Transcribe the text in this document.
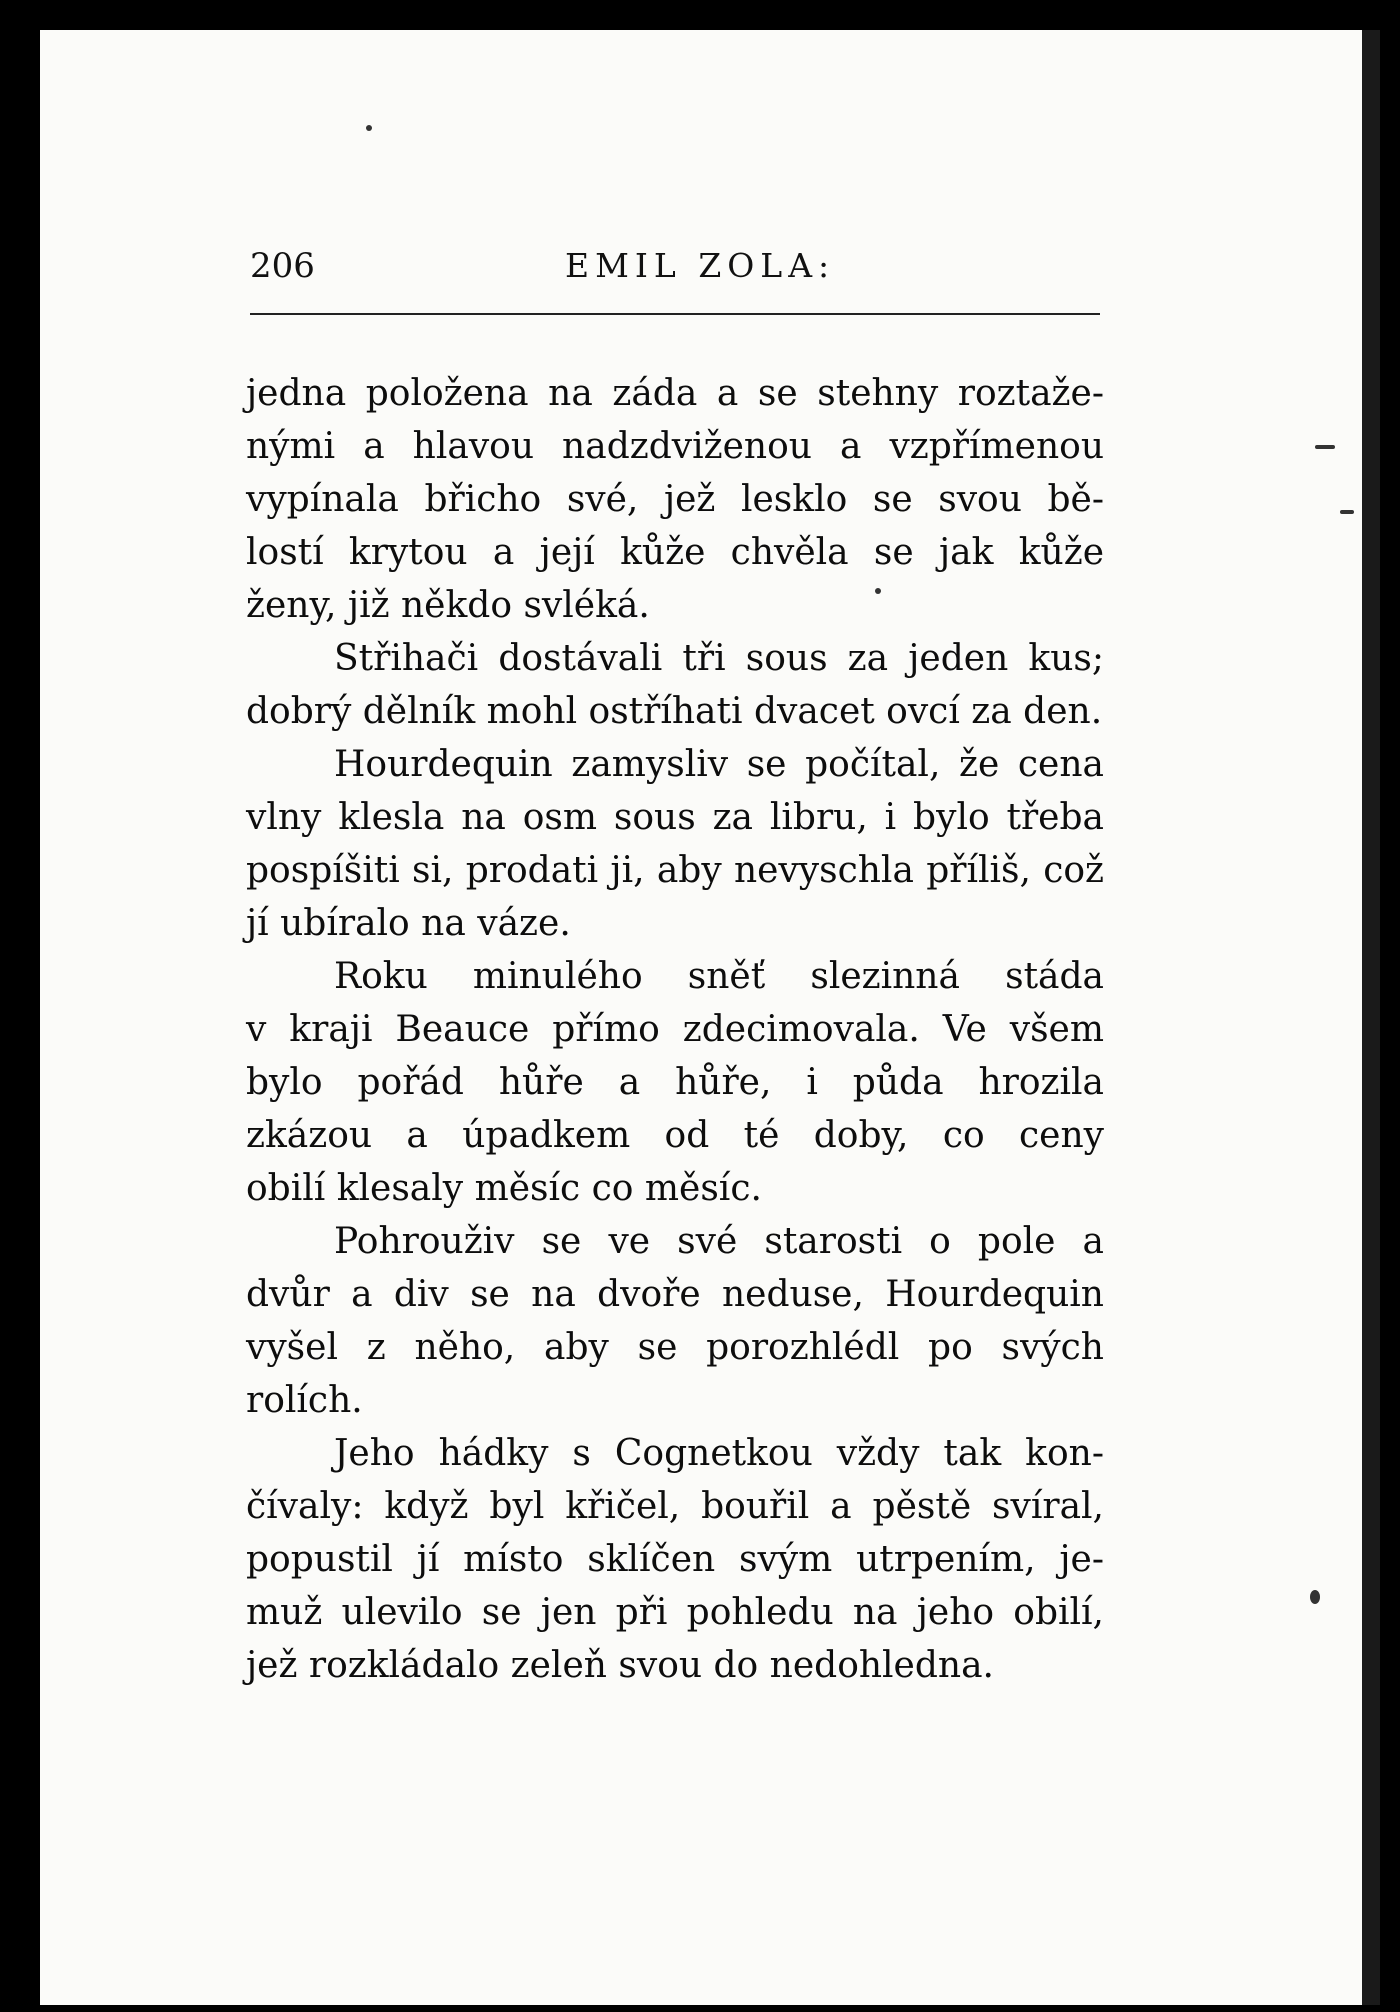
206	EMIL ZOLA:
jedna položena na záda a se stehny roztaže-
nými a hlavou nadzdviženou a vzpřímenou
vypínala břicho své, jež lesklo se svou bě-
lostí krytou a její kůže chvěla se jak kůže
ženy, již někdo svléká.
Střihači dostávali tři sous za jeden kus;
dobrý dělník mohl ostříhati dvacet ovcí za den.
Hourdequin zamysliv se počítal, že cena
vlny klesla na osm sous za libru, i bylo třeba
pospíšiti si, prodati ji, aby nevyschla příliš, což
jí ubíralo na váze.
Roku minulého sněť slezinná stáda
v kraji Beauce přímo zdecimovala. Ve všem
bylo pořád hůře a hůře, i půda hrozila
zkázou a úpadkem od té doby, co ceny
obilí klesaly měsíc co měsíc.
Pohrouživ se ve své starosti o pole a
dvůr a div se na dvoře neduse, Hourdequin
vyšel z něho, aby se porozhlédl po svých
rolích.
Jeho hádky s Cognetkou vždy tak kon-
čívaly: když byl křičel, bouřil a pěstě svíral,
popustil jí místo sklíčen svým utrpením, je-
muž ulevilo se jen při pohledu na jeho obilí,
jež rozkládalo zeleň svou do nedohledna.
